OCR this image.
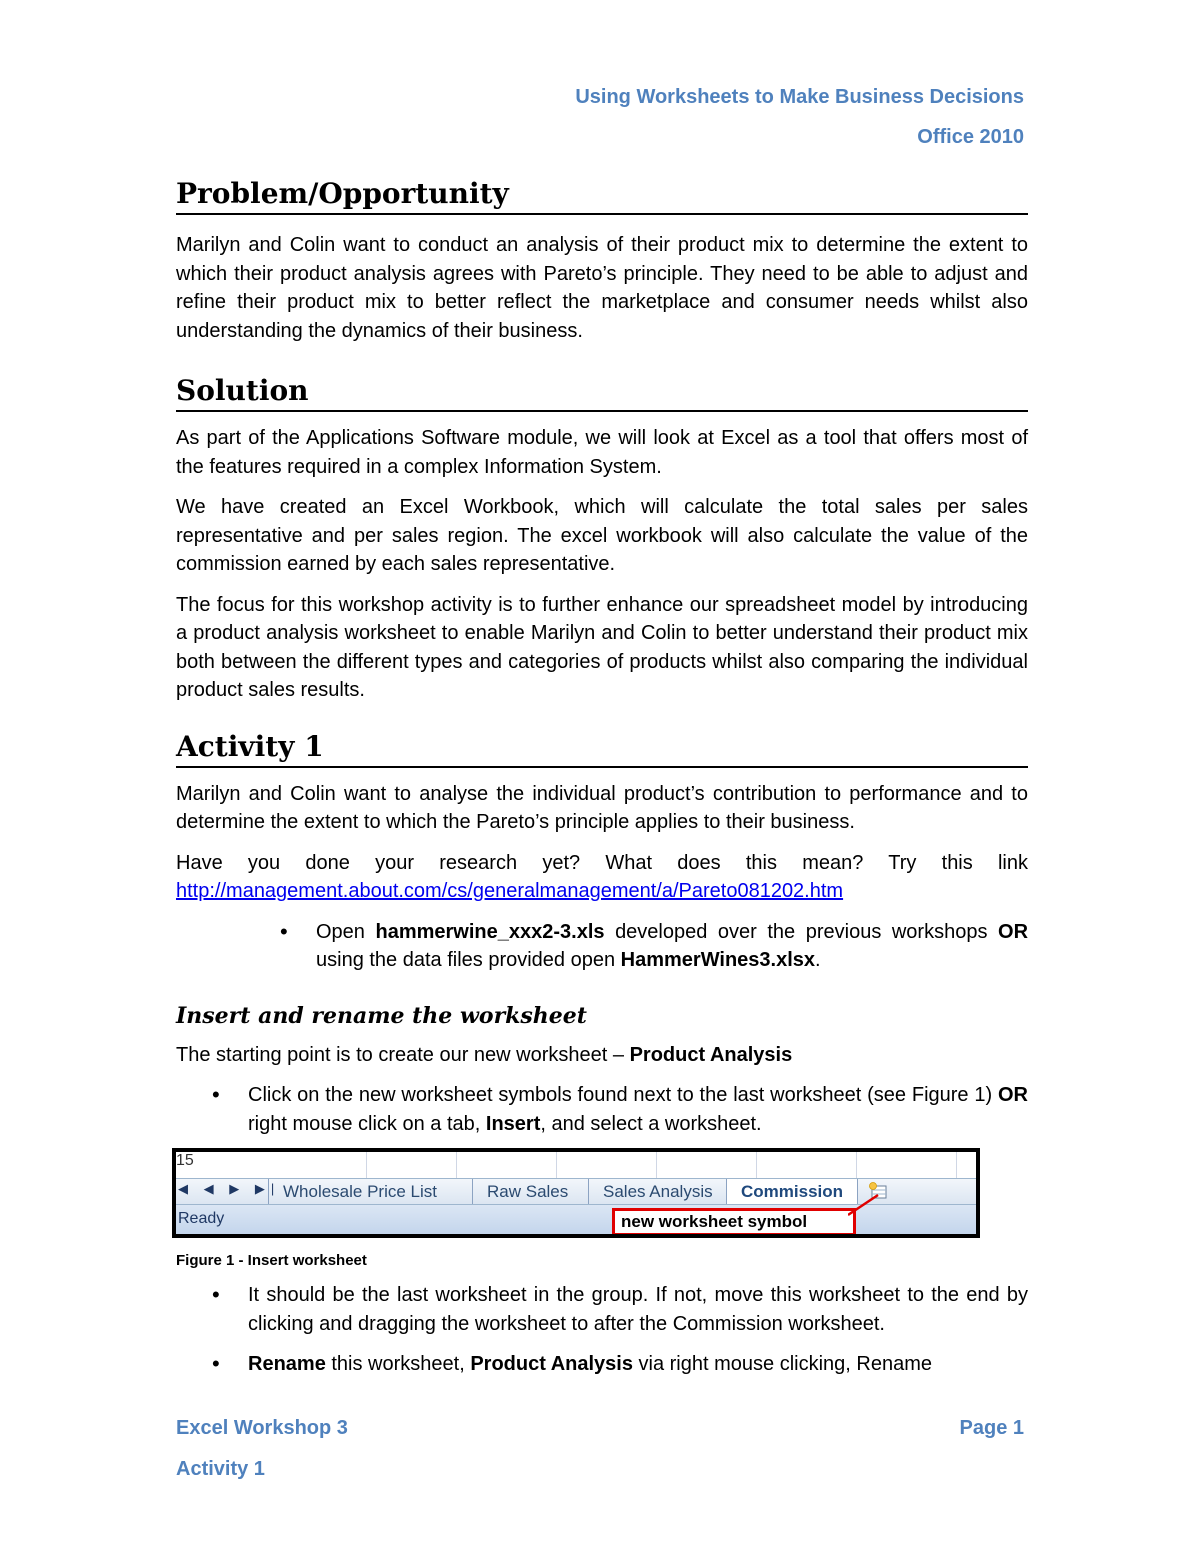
Using Worksheets to Make Business Decisions
Office 2010
Problem/Opportunity

Marilyn and Colin want to conduct an analysis of their product mix to determine the extent to which their product analysis agrees with Pareto’s principle. They need to be able to adjust and refine their product mix to better reflect the marketplace and consumer needs whilst also understanding the dynamics of their business.

Solution

As part of the Applications Software module, we will look at Excel as a tool that offers most of the features required in a complex Information System.

We have created an Excel Workbook, which will calculate the total sales per sales representative and per sales region. The excel workbook will also calculate the value of the commission earned by each sales representative.

The focus for this workshop activity is to further enhance our spreadsheet model by introducing a product analysis worksheet to enable Marilyn and Colin to better understand their product mix both between the different types and categories of products whilst also comparing the individual product sales results.

Activity 1

Marilyn and Colin want to analyse the individual product’s contribution to performance and to determine the extent to which the Pareto’s principle applies to their business.

Have you done your research yet? What does this mean? Try this link

http://management.about.com/cs/generalmanagement/a/Pareto081202.htm

• Open hammerwine_xxx2-3.xls developed over the previous workshops OR using the data files provided open HammerWines3.xlsx.
Insert and rename the worksheet

The starting point is to create our new worksheet – Product Analysis

• Click on the new worksheet symbols found next to the last worksheet (see Figure 1) OR right mouse click on a tab, Insert, and select a worksheet.
15
◀ ◀ ▶ ▶| Wholesale Price List	Raw Sales	Sales Analysis	Commission
Ready	new worksheet symbol
Figure 1 - Insert worksheet
• It should be the last worksheet in the group. If not, move this worksheet to the end by clicking and dragging the worksheet to after the Commission worksheet.
• Rename this worksheet, Product Analysis via right mouse clicking, Rename
Excel Workshop 3	Page 1
Activity 1
